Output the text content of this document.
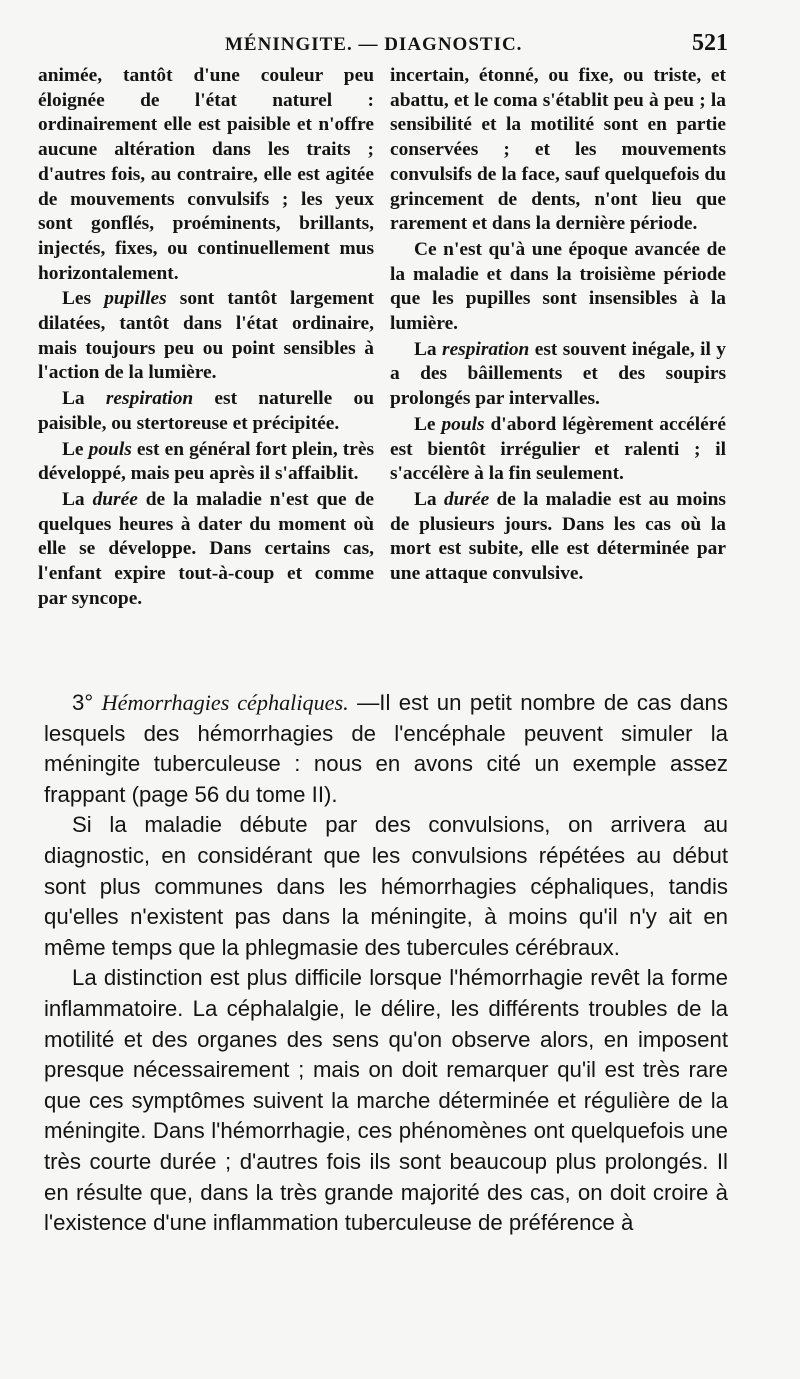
MÉNINGITE. — DIAGNOSTIC.	521

animée, tantôt d'une couleur peu éloignée de l'état naturel : ordinairement elle est paisible et n'offre aucune altération dans les traits ; d'autres fois, au contraire, elle est agitée de mouvements convulsifs ; les yeux sont gonflés, proéminents, brillants, injectés, fixes, ou continuellement mus horizontalement.

Les pupilles sont tantôt largement dilatées, tantôt dans l'état ordinaire, mais toujours peu ou point sensibles à l'action de la lumière.

La respiration est naturelle ou paisible, ou stertoreuse et précipitée.

Le pouls est en général fort plein, très développé, mais peu après il s'affaiblit.

La durée de la maladie n'est que de quelques heures à dater du moment où elle se développe. Dans certains cas, l'enfant expire tout-à-coup et comme par syncope.

incertain, étonné, ou fixe, ou triste, et abattu, et le coma s'établit peu à peu ; la sensibilité et la motilité sont en partie conservées ; et les mouvements convulsifs de la face, sauf quelquefois du grincement de dents, n'ont lieu que rarement et dans la dernière période.

Ce n'est qu'à une époque avancée de la maladie et dans la troisième période que les pupilles sont insensibles à la lumière.

La respiration est souvent inégale, il y a des bâillements et des soupirs prolongés par intervalles.

Le pouls d'abord légèrement accéléré est bientôt irrégulier et ralenti ; il s'accélère à la fin seulement.

La durée de la maladie est au moins de plusieurs jours. Dans les cas où la mort est subite, elle est déterminée par une attaque convulsive.

3° Hémorrhagies céphaliques. —Il est un petit nombre de cas dans lesquels des hémorrhagies de l'encéphale peuvent simuler la méningite tuberculeuse : nous en avons cité un exemple assez frappant (page 56 du tome II).

Si la maladie débute par des convulsions, on arrivera au diagnostic, en considérant que les convulsions répétées au début sont plus communes dans les hémorrhagies céphaliques, tandis qu'elles n'existent pas dans la méningite, à moins qu'il n'y ait en même temps que la phlegmasie des tubercules cérébraux.

La distinction est plus difficile lorsque l'hémorrhagie revêt la forme inflammatoire. La céphalalgie, le délire, les différents troubles de la motilité et des organes des sens qu'on observe alors, en imposent presque nécessairement ; mais on doit remarquer qu'il est très rare que ces symptômes suivent la marche déterminée et régulière de la méningite. Dans l'hémorrhagie, ces phénomènes ont quelquefois une très courte durée ; d'autres fois ils sont beaucoup plus prolongés. Il en résulte que, dans la très grande majorité des cas, on doit croire à l'existence d'une inflammation tuberculeuse de préférence à
